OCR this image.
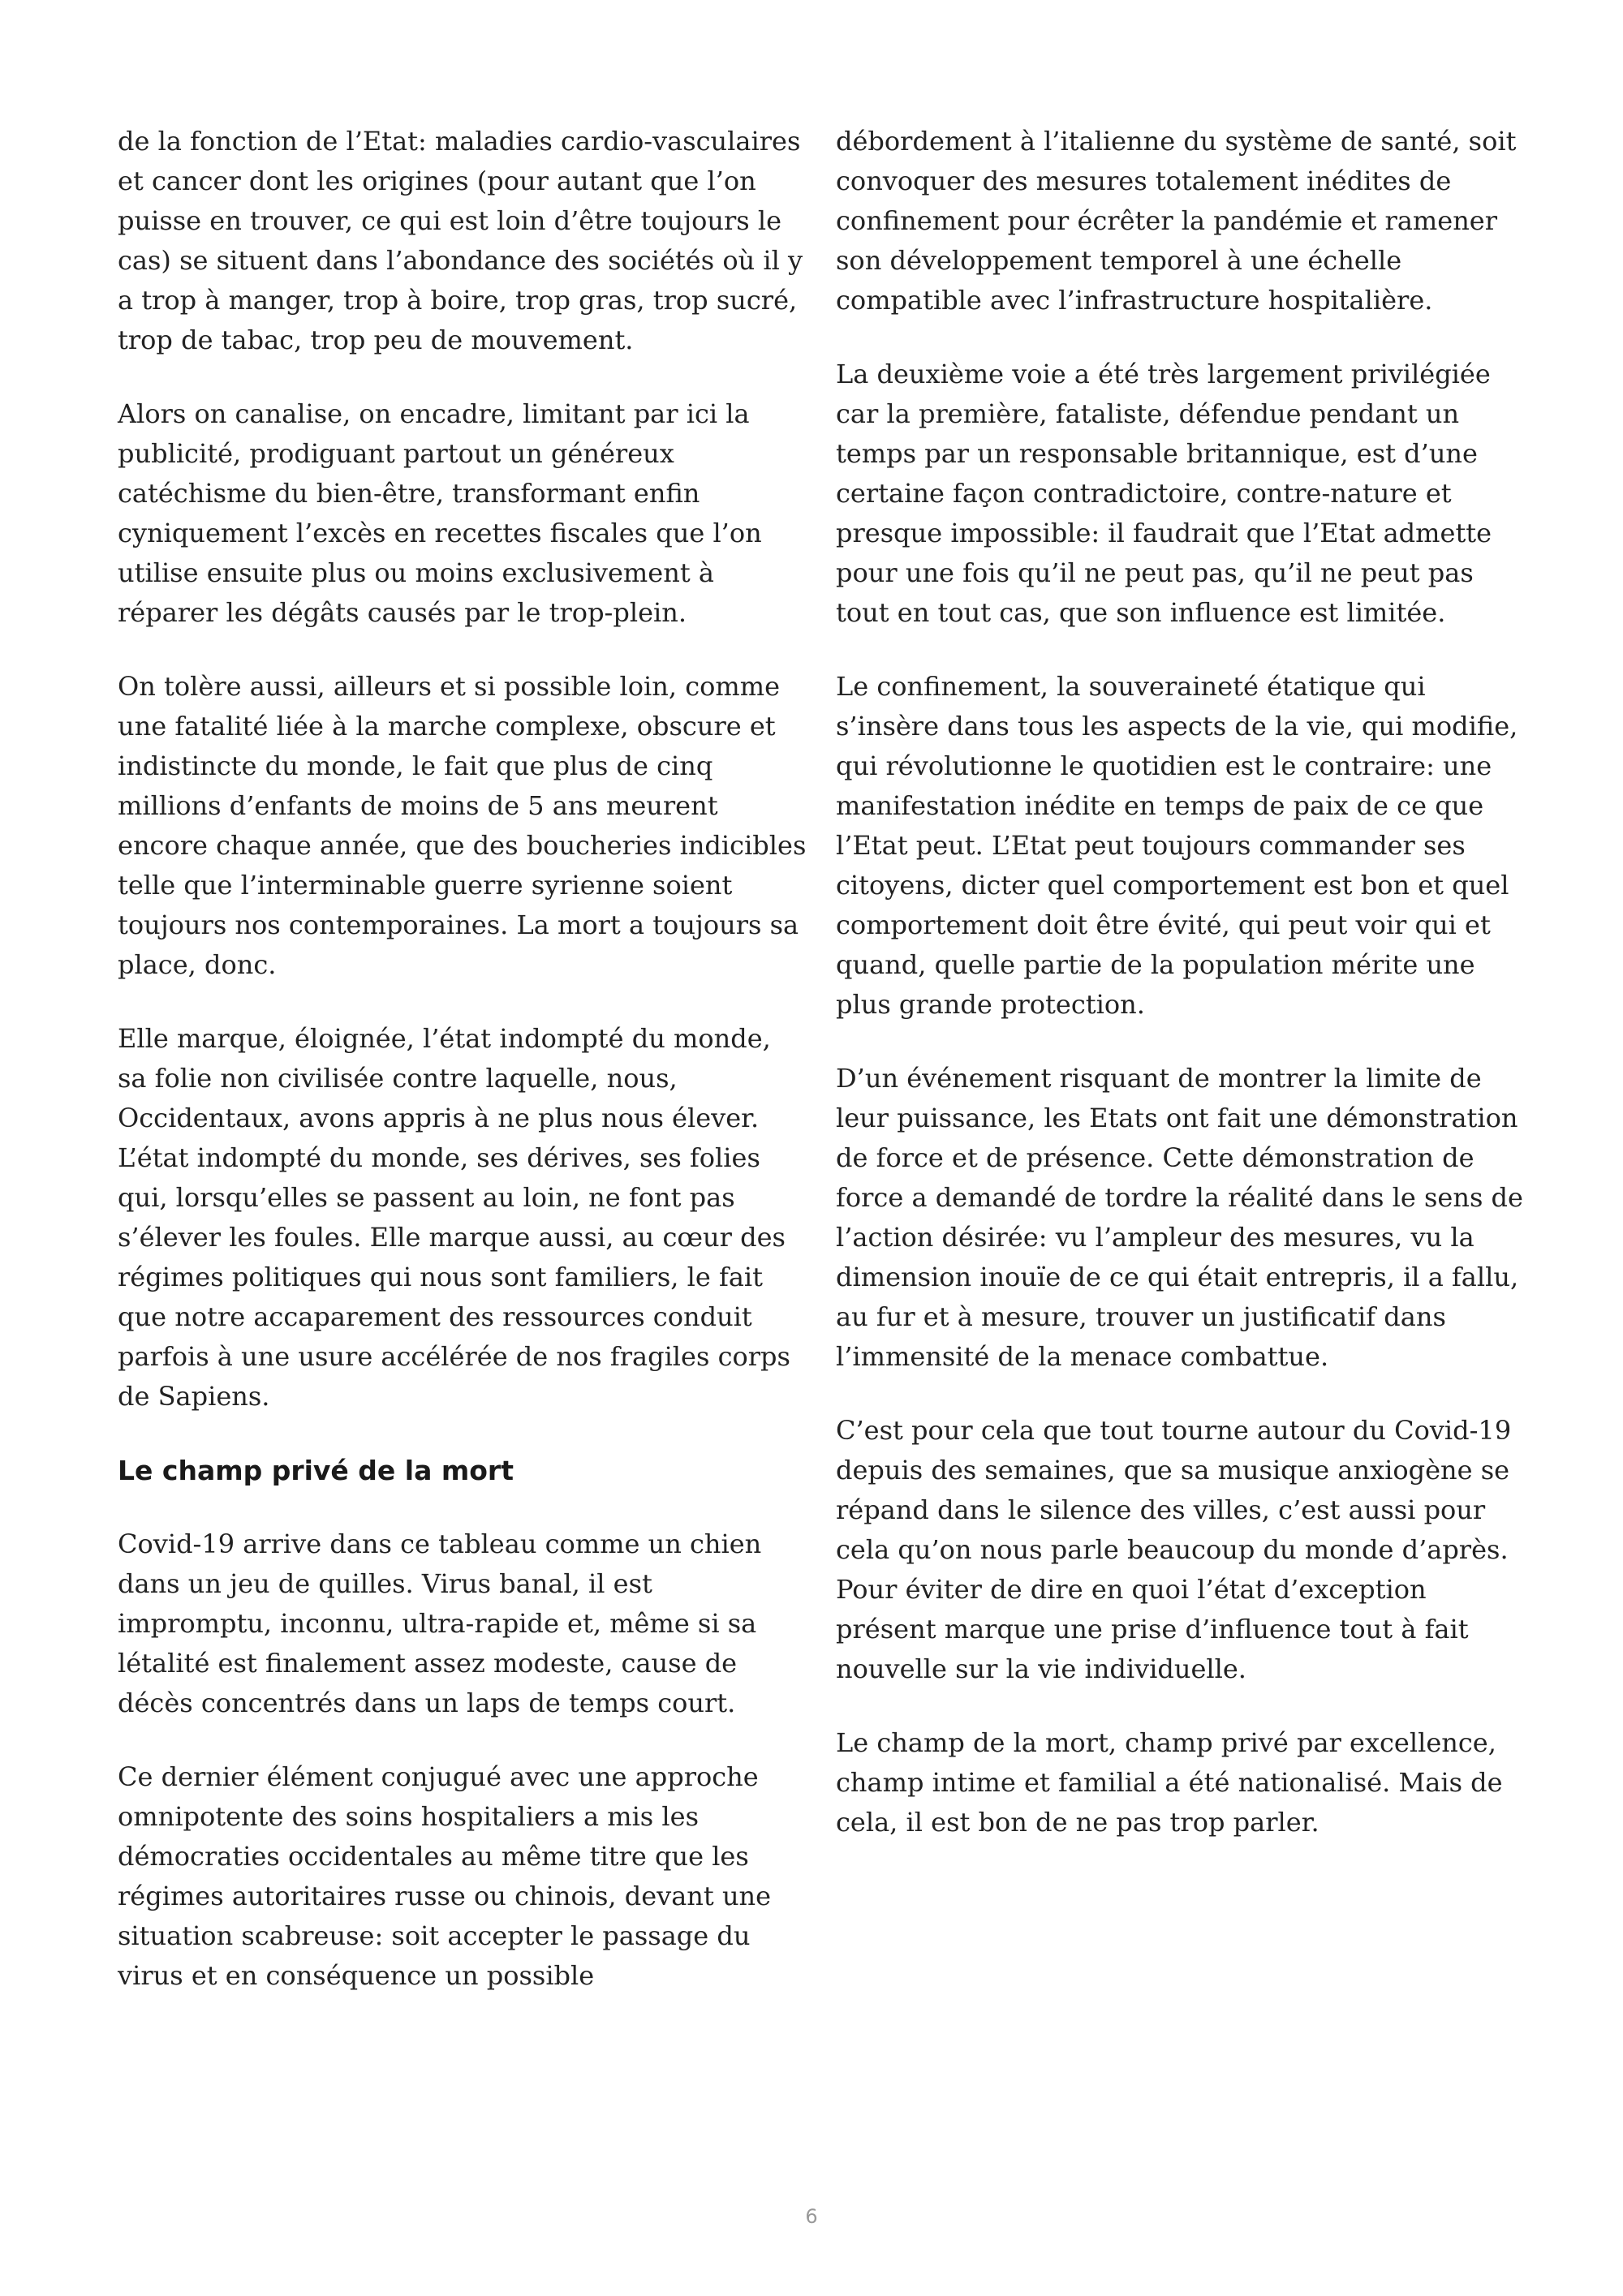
de la fonction de l’Etat: maladies cardio-vasculaires et cancer dont les origines (pour autant que l’on puisse en trouver, ce qui est loin d’être toujours le cas) se situent dans l’abondance des sociétés où il y a trop à manger, trop à boire, trop gras, trop sucré, trop de tabac, trop peu de mouvement.

Alors on canalise, on encadre, limitant par ici la publicité, prodiguant partout un généreux catéchisme du bien-être, transformant enfin cyniquement l’excès en recettes fiscales que l’on utilise ensuite plus ou moins exclusivement à réparer les dégâts causés par le trop-plein.

On tolère aussi, ailleurs et si possible loin, comme une fatalité liée à la marche complexe, obscure et indistincte du monde, le fait que plus de cinq millions d’enfants de moins de 5 ans meurent encore chaque année, que des boucheries indicibles telle que l’interminable guerre syrienne soient toujours nos contemporaines. La mort a toujours sa place, donc.

Elle marque, éloignée, l’état indompté du monde, sa folie non civilisée contre laquelle, nous, Occidentaux, avons appris à ne plus nous élever. L’état indompté du monde, ses dérives, ses folies qui, lorsqu’elles se passent au loin, ne font pas s’élever les foules. Elle marque aussi, au cœur des régimes politiques qui nous sont familiers, le fait que notre accaparement des ressources conduit parfois à une usure accélérée de nos fragiles corps de Sapiens.

Le champ privé de la mort

Covid-19 arrive dans ce tableau comme un chien dans un jeu de quilles. Virus banal, il est impromptu, inconnu, ultra-rapide et, même si sa létalité est finalement assez modeste, cause de décès concentrés dans un laps de temps court.

Ce dernier élément conjugué avec une approche omnipotente des soins hospitaliers a mis les démocraties occidentales au même titre que les régimes autoritaires russe ou chinois, devant une situation scabreuse: soit accepter le passage du virus et en conséquence un possible

débordement à l’italienne du système de santé, soit convoquer des mesures totalement inédites de confinement pour écrêter la pandémie et ramener son développement temporel à une échelle compatible avec l’infrastructure hospitalière.

La deuxième voie a été très largement privilégiée car la première, fataliste, défendue pendant un temps par un responsable britannique, est d’une certaine façon contradictoire, contre-nature et presque impossible: il faudrait que l’Etat admette pour une fois qu’il ne peut pas, qu’il ne peut pas tout en tout cas, que son influence est limitée.

Le confinement, la souveraineté étatique qui s’insère dans tous les aspects de la vie, qui modifie, qui révolutionne le quotidien est le contraire: une manifestation inédite en temps de paix de ce que l’Etat peut. L’Etat peut toujours commander ses citoyens, dicter quel comportement est bon et quel comportement doit être évité, qui peut voir qui et quand, quelle partie de la population mérite une plus grande protection.

D’un événement risquant de montrer la limite de leur puissance, les Etats ont fait une démonstration de force et de présence. Cette démonstration de force a demandé de tordre la réalité dans le sens de l’action désirée: vu l’ampleur des mesures, vu la dimension inouïe de ce qui était entrepris, il a fallu, au fur et à mesure, trouver un justificatif dans l’immensité de la menace combattue.

C’est pour cela que tout tourne autour du Covid-19 depuis des semaines, que sa musique anxiogène se répand dans le silence des villes, c’est aussi pour cela qu’on nous parle beaucoup du monde d’après. Pour éviter de dire en quoi l’état d’exception présent marque une prise d’influence tout à fait nouvelle sur la vie individuelle.

Le champ de la mort, champ privé par excellence, champ intime et familial a été nationalisé. Mais de cela, il est bon de ne pas trop parler.

6
